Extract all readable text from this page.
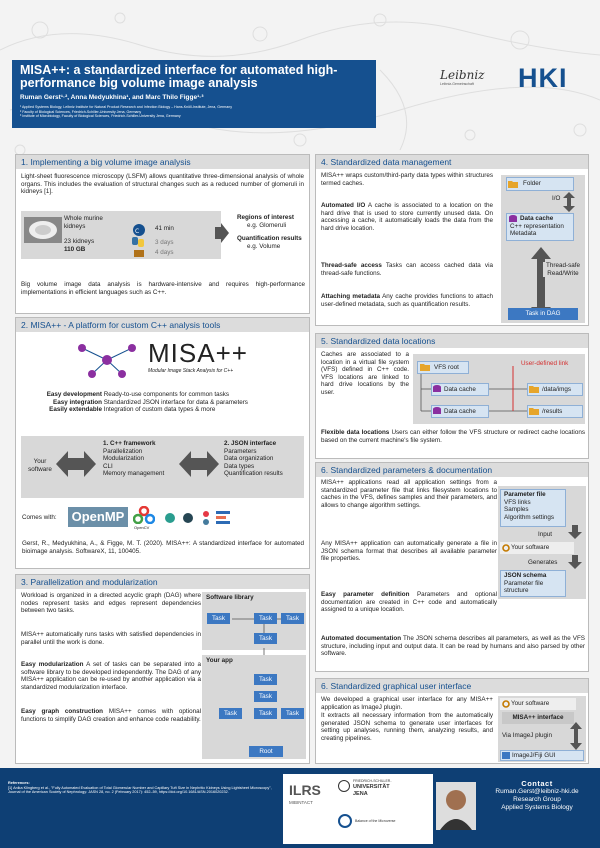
MISA++: a standardized interface for automated high-performance big volume image analysis
Ruman Gerst¹·², Anna Medyukhina¹, and Marc Thilo Figge¹·³
¹ Applied Systems Biology, Leibniz Institute for Natural Product Research and Infection Biology – Hans-Knöll-Institute, Jena, Germany
² Faculty of Biological Sciences, Friedrich-Schiller-University Jena, Germany
³ Institute of Microbiology, Faculty of Biological Sciences, Friedrich-Schiller-University Jena, Germany
Leibniz
Leibniz-Gemeinschaft	HKI
1. Implementing a big volume image analysis
Light-sheet fluorescence microscopy (LSFM) allows quantitative three-dimensional analysis of whole organs. This includes the evaluation of structural changes such as a reduced number of glomeruli in kidneys [1].
Whole murine kidneys
23 kidneys
110 GB
C	41 min
3 days
4 days
Regions of interest
e.g. Glomeruli
Quantification results
e.g. Volume
Big volume image data analysis is hardware-intensive and requires high-performance implementations in efficient languages such as C++.
2. MISA++ - A platform for custom C++ analysis tools
MISA++
Modular Image Stack Analysis for C++
Easy development Ready-to-use components for common tasks
Easy integration Standardized JSON interface for data & parameters
Easily extendable Integration of custom data types & more
Your software
1. C++ framework
Parallelization
Modularization
CLI
Memory management
2. JSON interface
Parameters
Data organization
Data types
Quantification results
Comes with: OpenMP
OpenCV
Gerst, R., Medyukhina, A., & Figge, M. T. (2020). MISA++: A standardized interface for automated bioimage analysis. SoftwareX, 11, 100405.
3. Parallelization and modularization
Workload is organized in a directed acyclic graph (DAG) where nodes represent tasks and edges represent dependencies between two tasks.
MISA++ automatically runs tasks with satisfied dependencies in parallel until the work is done.
Easy modularization A set of tasks can be separated into a software library to be developed independently. The DAG of any MISA++ application can be re-used by another application via a standardized modularization interface.
Easy graph construction MISA++ comes with optional functions to simplify DAG creation and enhance code readability.
Software library
Task	Task	Task
Task
Your app
Task
Task
Task	Task	Task
Root
4. Standardized data management
MISA++ wraps custom/third-party data types within structures termed caches.
Automated I/O A cache is associated to a location on the hard drive that is used to store currently unused data. On accessing a cache, it automatically loads the data from the hard drive location.
Thread-safe access Tasks can access cached data via thread-safe functions.
Attaching metadata Any cache provides functions to attach user-defined metadata, such as quantification results.
Folder
I/O
Data cache
C++ representation
Metadata
Thread-safe Read/Write
Task in DAG
5. Standardized data locations
Caches are associated to a location in a virtual file system (VFS) defined in C++ code. VFS locations are linked to hard drive locations by the user.
Flexible data locations Users can either follow the VFS structure or redirect cache locations based on the current machine's file system.
VFS root
User-defined link
Data cache
Data cache
/data/imgs
/results
6. Standardized parameters & documentation
MISA++ applications read all application settings from a standardized parameter file that links filesystem locations to caches in the VFS, defines samples and their parameters, and allows to change algorithm settings.
Any MISA++ application can automatically generate a file in JSON schema format that describes all available parameter file properties.
Easy parameter definition Parameters and optional documentation are created in C++ code and automatically assigned to a unique location.
Automated documentation The JSON schema describes all parameters, as well as the VFS structure, including input and output data. It can be read by humans and also parsed by other software.
Parameter file
VFS links
Samples
Algorithm settings
Input
Your software
Generates
JSON schema
Parameter file structure
6. Standardized graphical user interface
We developed a graphical user interface for any MISA++ application as ImageJ plugin.
It extracts all necessary information from the automatically generated JSON schema to generate user interfaces for setting up analyses, running them, analyzing results, and creating pipelines.
Your software
MISA++ interface
Via ImageJ plugin
ImageJ/Fiji GUI
References:
[1] Anika Klingberg et al., "Fully Automated Evaluation of Total Glomerular Number and Capillary Tuft Size in Nephritic Kidneys Using Lightsheet Microscopy", Journal of the American Society of Nephrology: JASN 28, no. 2 (February 2017): 452–59, https://doi.org/10.1681/ASN.2016020232.	ILRS
MIBINTACT
FRIEDRICH-SCHILLER-
UNIVERSITÄT
JENA
Balance of the Microverse
Contact
Ruman.Gerst@leibniz-hki.de
Research Group
Applied Systems Biology
